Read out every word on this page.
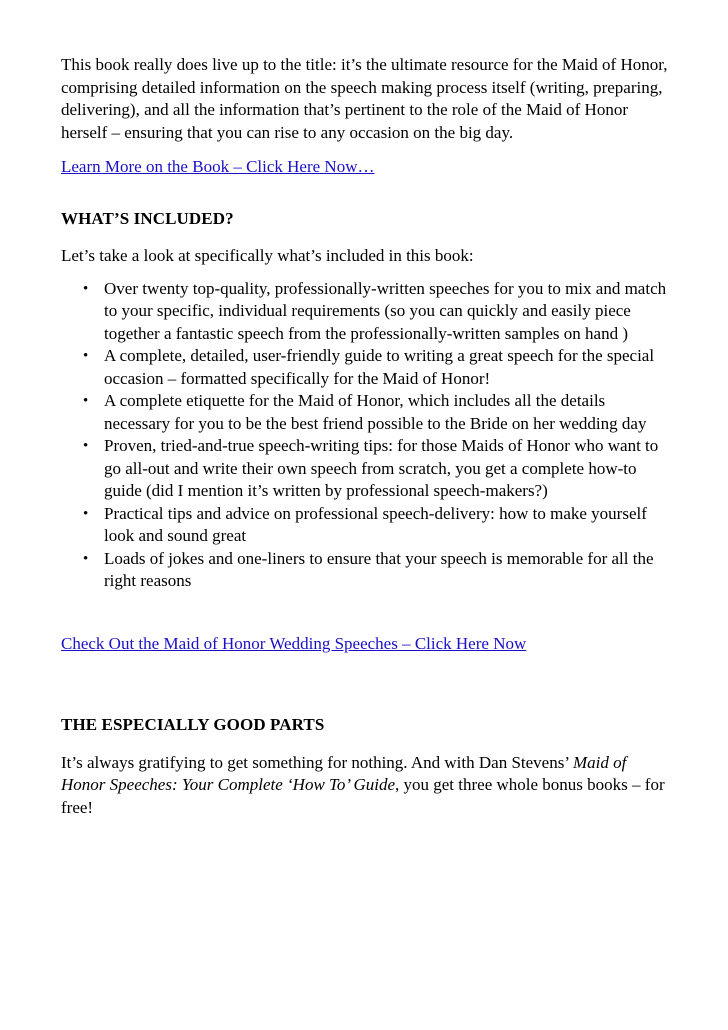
This book really does live up to the title: it’s the ultimate resource for the Maid of Honor, comprising detailed information on the speech making process itself (writing, preparing, delivering), and all the information that’s pertinent to the role of the Maid of Honor herself – ensuring that you can rise to any occasion on the big day.

Learn More on the Book – Click Here Now…

WHAT’S INCLUDED?

Let’s take a look at specifically what’s included in this book:

• Over twenty top-quality, professionally-written speeches for you to mix and match to your specific, individual requirements (so you can quickly and easily piece together a fantastic speech from the professionally-written samples on hand )
• A complete, detailed, user-friendly guide to writing a great speech for the special occasion – formatted specifically for the Maid of Honor!
• A complete etiquette for the Maid of Honor, which includes all the details necessary for you to be the best friend possible to the Bride on her wedding day
• Proven, tried-and-true speech-writing tips: for those Maids of Honor who want to go all-out and write their own speech from scratch, you get a complete how-to guide (did I mention it’s written by professional speech-makers?)
• Practical tips and advice on professional speech-delivery: how to make yourself look and sound great
• Loads of jokes and one-liners to ensure that your speech is memorable for all the right reasons

Check Out the Maid of Honor Wedding Speeches – Click Here Now

THE ESPECIALLY GOOD PARTS

It’s always gratifying to get something for nothing. And with Dan Stevens’ Maid of Honor Speeches: Your Complete ‘How To’ Guide, you get three whole bonus books – for free!
